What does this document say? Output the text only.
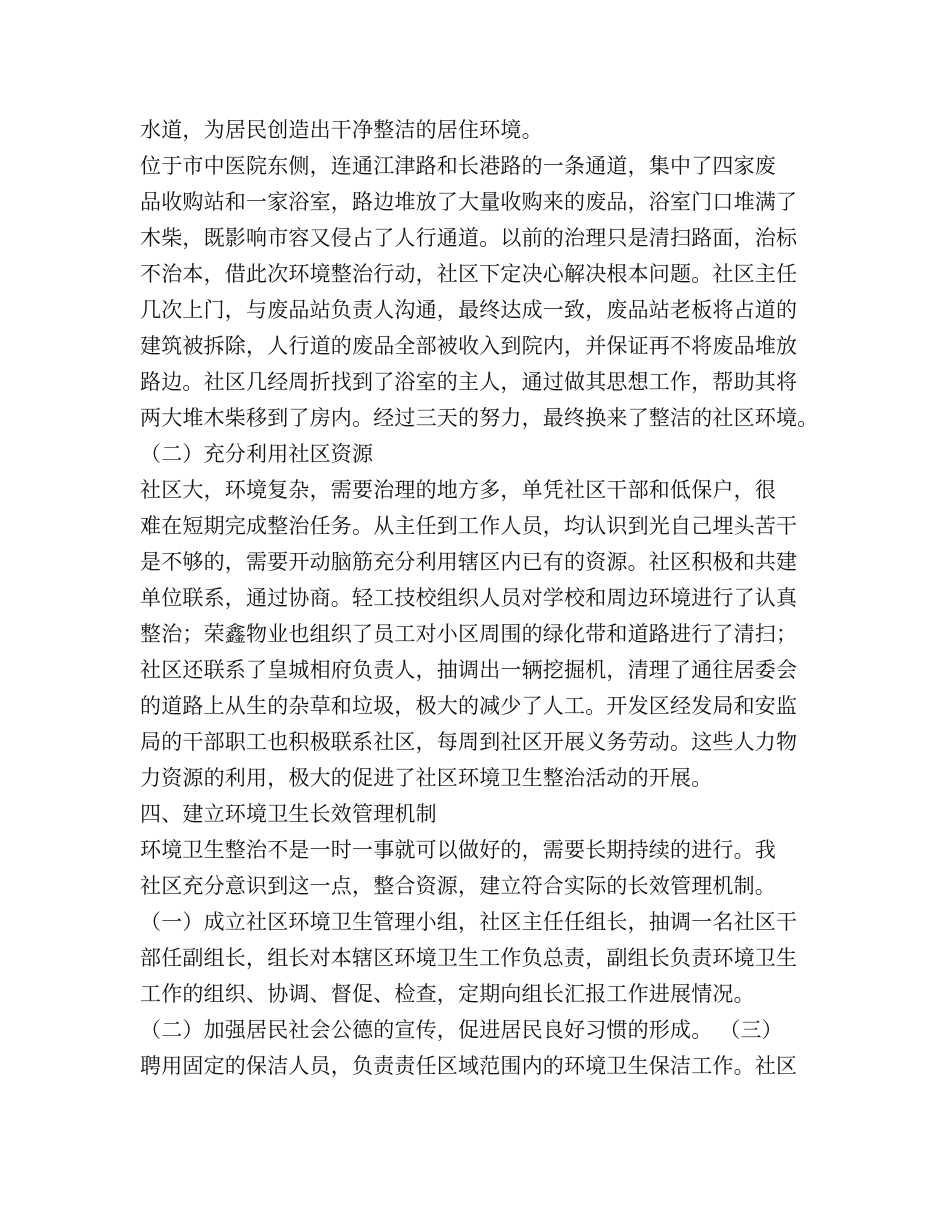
水道，为居民创造出干净整洁的居住环境。
位于市中医院东侧，连通江津路和长港路的一条通道，集中了四家废
品收购站和一家浴室，路边堆放了大量收购来的废品，浴室门口堆满了
木柴，既影响市容又侵占了人行通道。以前的治理只是清扫路面，治标
不治本，借此次环境整治行动，社区下定决心解决根本问题。社区主任
几次上门，与废品站负责人沟通，最终达成一致，废品站老板将占道的
建筑被拆除，人行道的废品全部被收入到院内，并保证再不将废品堆放
路边。社区几经周折找到了浴室的主人，通过做其思想工作，帮助其将
两大堆木柴移到了房内。经过三天的努力，最终换来了整洁的社区环境。
（二）充分利用社区资源
社区大，环境复杂，需要治理的地方多，单凭社区干部和低保户，很
难在短期完成整治任务。从主任到工作人员，均认识到光自己埋头苦干
是不够的，需要开动脑筋充分利用辖区内已有的资源。社区积极和共建
单位联系，通过协商。轻工技校组织人员对学校和周边环境进行了认真
整治；荣鑫物业也组织了员工对小区周围的绿化带和道路进行了清扫；
社区还联系了皇城相府负责人，抽调出一辆挖掘机，清理了通往居委会
的道路上从生的杂草和垃圾，极大的减少了人工。开发区经发局和安监
局的干部职工也积极联系社区，每周到社区开展义务劳动。这些人力物
力资源的利用，极大的促进了社区环境卫生整治活动的开展。
四、建立环境卫生长效管理机制
环境卫生整治不是一时一事就可以做好的，需要长期持续的进行。我
社区充分意识到这一点，整合资源，建立符合实际的长效管理机制。
（一）成立社区环境卫生管理小组，社区主任任组长，抽调一名社区干
部任副组长，组长对本辖区环境卫生工作负总责，副组长负责环境卫生
工作的组织、协调、督促、检查，定期向组长汇报工作进展情况。
（二）加强居民社会公德的宣传，促进居民良好习惯的形成。 （三）
聘用固定的保洁人员，负责责任区域范围内的环境卫生保洁工作。社区
